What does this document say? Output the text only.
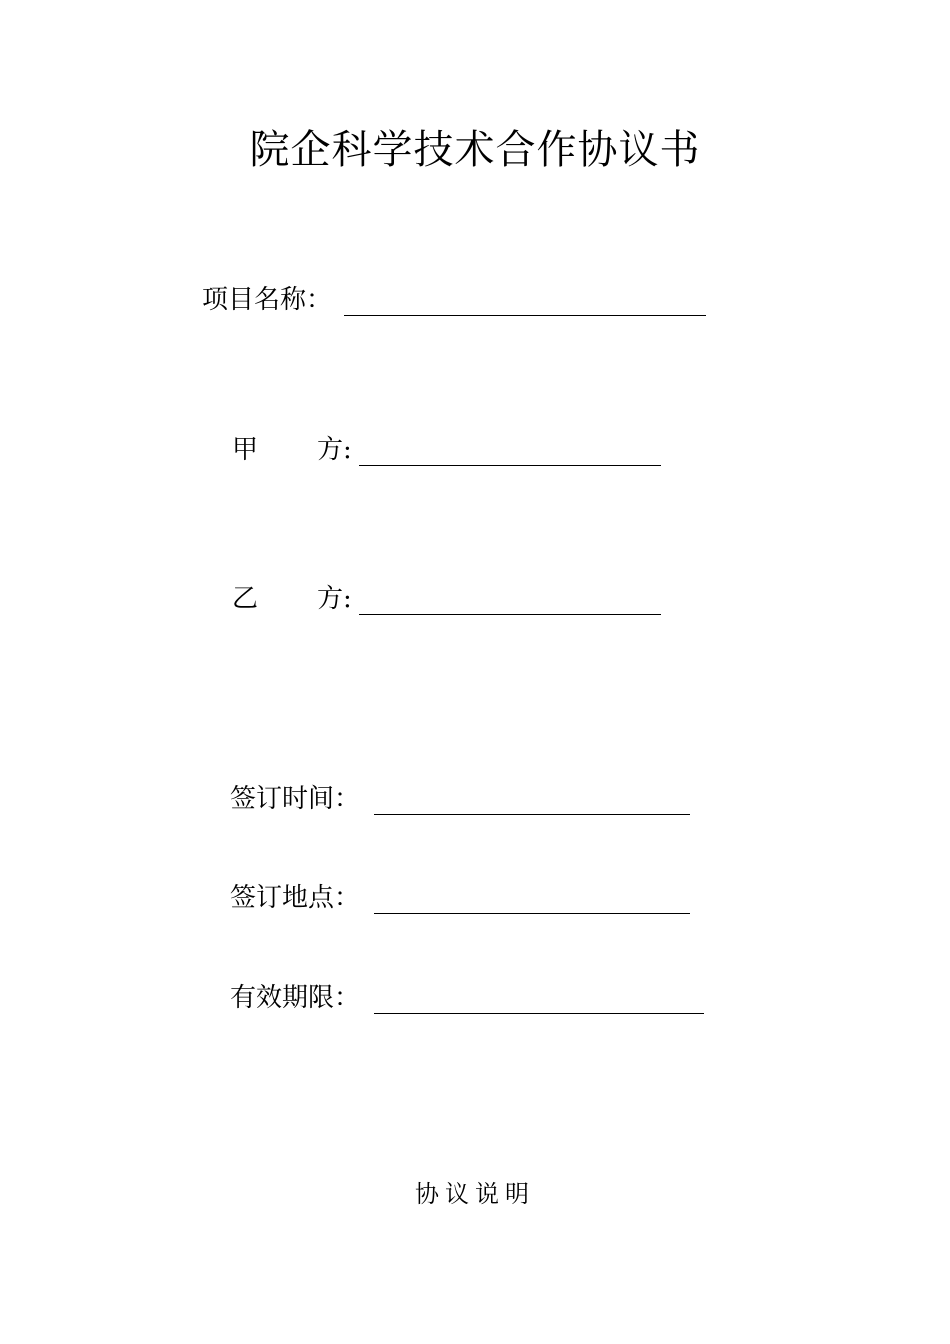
院企科学技术合作协议书
项目名称：
甲 方:
乙 方:
签订时间：
签订地点：
有效期限：
协议说明
